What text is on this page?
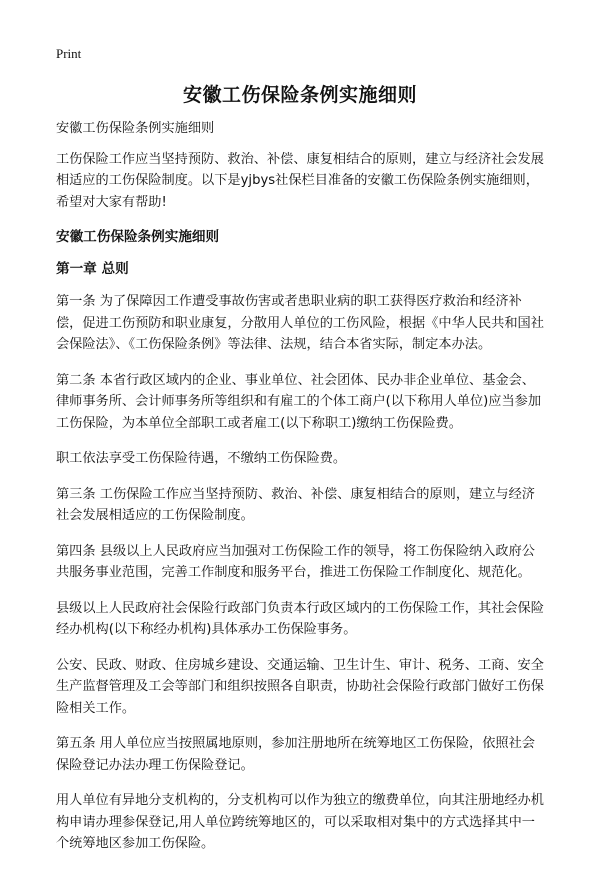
Print
安徽工伤保险条例实施细则

安徽工伤保险条例实施细则

工伤保险工作应当坚持预防、救治、补偿、康复相结合的原则，建立与经济社会发展相适应的工伤保险制度。以下是yjbys社保栏目准备的安徽工伤保险条例实施细则，希望对大家有帮助!

安徽工伤保险条例实施细则
第一章 总则

第一条 为了保障因工作遭受事故伤害或者患职业病的职工获得医疗救治和经济补偿，促进工伤预防和职业康复，分散用人单位的工伤风险，根据《中华人民共和国社会保险法》、《工伤保险条例》等法律、法规，结合本省实际，制定本办法。

第二条 本省行政区域内的企业、事业单位、社会团体、民办非企业单位、基金会、律师事务所、会计师事务所等组织和有雇工的个体工商户(以下称用人单位)应当参加工伤保险，为本单位全部职工或者雇工(以下称职工)缴纳工伤保险费。

职工依法享受工伤保险待遇，不缴纳工伤保险费。

第三条 工伤保险工作应当坚持预防、救治、补偿、康复相结合的原则，建立与经济社会发展相适应的工伤保险制度。

第四条 县级以上人民政府应当加强对工伤保险工作的领导，将工伤保险纳入政府公共服务事业范围，完善工作制度和服务平台，推进工伤保险工作制度化、规范化。

县级以上人民政府社会保险行政部门负责本行政区域内的工伤保险工作，其社会保险经办机构(以下称经办机构)具体承办工伤保险事务。

公安、民政、财政、住房城乡建设、交通运输、卫生计生、审计、税务、工商、安全生产监督管理及工会等部门和组织按照各自职责，协助社会保险行政部门做好工伤保险相关工作。

第五条 用人单位应当按照属地原则，参加注册地所在统筹地区工伤保险，依照社会保险登记办法办理工伤保险登记。

用人单位有异地分支机构的，分支机构可以作为独立的缴费单位，向其注册地经办机构申请办理参保登记,用人单位跨统筹地区的，可以采取相对集中的方式选择其中一个统筹地区参加工伤保险。
